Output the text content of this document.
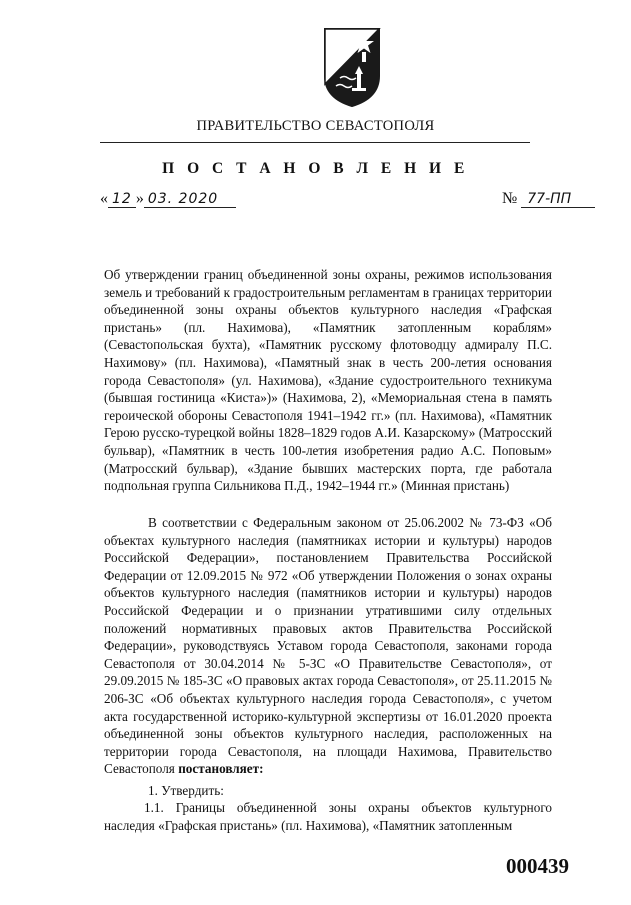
ПРАВИТЕЛЬСТВО СЕВАСТОПОЛЯ
П О С Т А Н О В Л Е Н И Е
« 12 » 03. 2020	№ 77-ПП
Об утверждении границ объединенной зоны охраны, режимов использования земель и требований к градостроительным регламентам в границах территории объединенной зоны охраны объектов культурного наследия «Графская пристань» (пл. Нахимова), «Памятник затопленным кораблям» (Севастопольская бухта), «Памятник русскому флотоводцу адмиралу П.С. Нахимову» (пл. Нахимова), «Памятный знак в честь 200-летия основания города Севастополя» (ул. Нахимова), «Здание судостроительного техникума (бывшая гостиница «Киста»)» (Нахимова, 2), «Мемориальная стена в память героической обороны Севастополя 1941–1942 гг.» (пл. Нахимова), «Памятник Герою русско-турецкой войны 1828–1829 годов А.И. Казарскому» (Матросский бульвар), «Памятник в честь 100-летия изобретения радио А.С. Поповым» (Матросский бульвар), «Здание бывших мастерских порта, где работала подпольная группа Сильникова П.Д., 1942–1944 гг.» (Минная пристань)

В соответствии с Федеральным законом от 25.06.2002 № 73-ФЗ «Об объектах культурного наследия (памятниках истории и культуры) народов Российской Федерации», постановлением Правительства Российской Федерации от 12.09.2015 № 972 «Об утверждении Положения о зонах охраны объектов культурного наследия (памятников истории и культуры) народов Российской Федерации и о признании утратившими силу отдельных положений нормативных правовых актов Правительства Российской Федерации», руководствуясь Уставом города Севастополя, законами города Севастополя от 30.04.2014 № 5-ЗС «О Правительстве Севастополя», от 29.09.2015 № 185-ЗС «О правовых актах города Севастополя», от 25.11.2015 № 206-ЗС «Об объектах культурного наследия города Севастополя», с учетом акта государственной историко-культурной экспертизы от 16.01.2020 проекта объединенной зоны объектов культурного наследия, расположенных на территории города Севастополя, на площади Нахимова, Правительство Севастополя постановляет:

1. Утвердить:
1.1. Границы объединенной зоны охраны объектов культурного наследия «Графская пристань» (пл. Нахимова), «Памятник затопленным
000439
